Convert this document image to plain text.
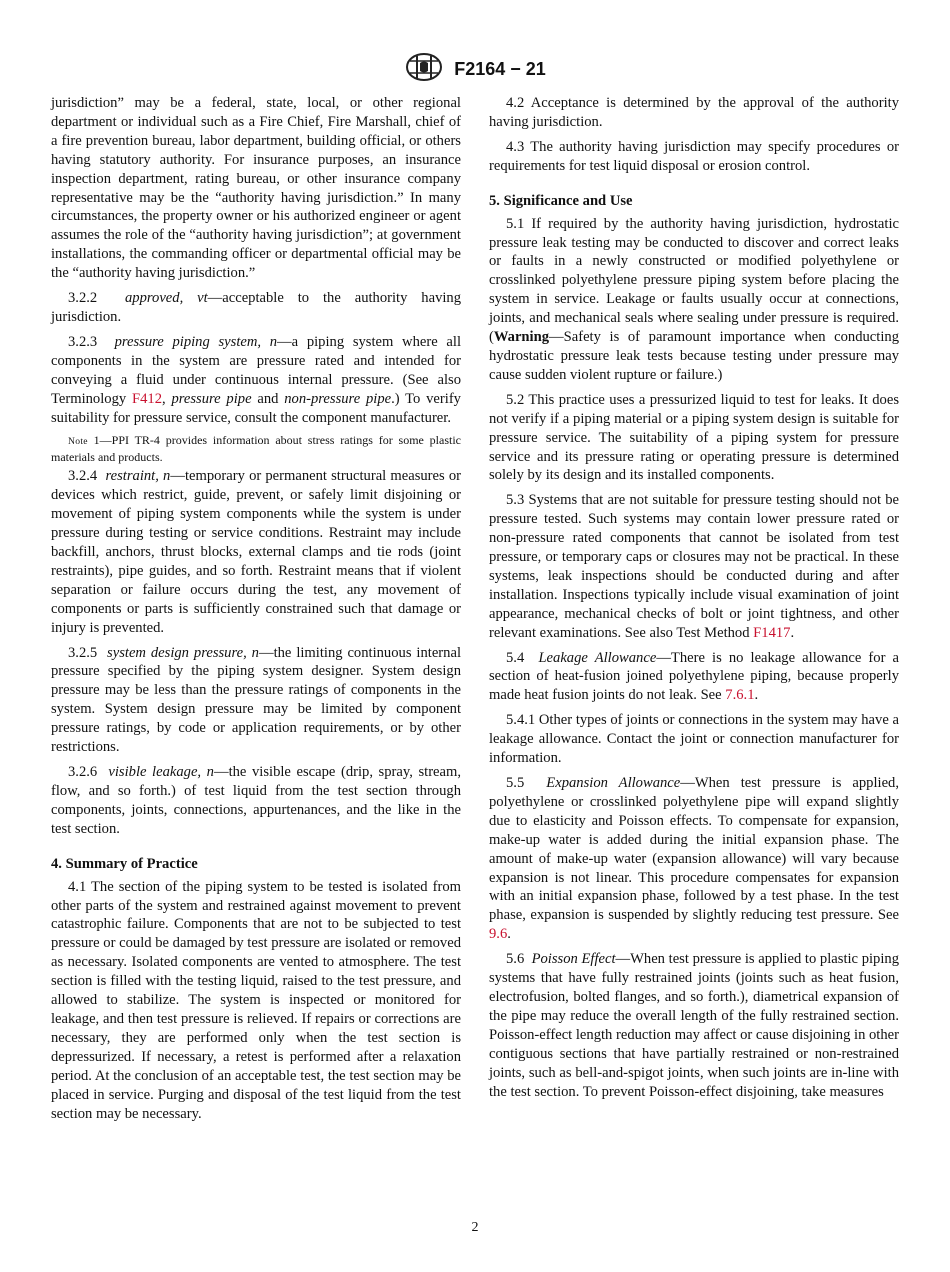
F2164 − 21

jurisdiction” may be a federal, state, local, or other regional department or individual such as a Fire Chief, Fire Marshall, chief of a fire prevention bureau, labor department, building official, or others having statutory authority. For insurance purposes, an insurance inspection department, rating bureau, or other insurance company representative may be the “authority having jurisdiction.” In many circumstances, the property owner or his authorized engineer or agent assumes the role of the “authority having jurisdiction”; at government installations, the commanding officer or departmental official may be the “authority having jurisdiction.”

3.2.2 approved, vt—acceptable to the authority having jurisdiction.

3.2.3 pressure piping system, n—a piping system where all components in the system are pressure rated and intended for conveying a fluid under continuous internal pressure. (See also Terminology F412, pressure pipe and non-pressure pipe.) To verify suitability for pressure service, consult the component manufacturer.

Note 1—PPI TR-4 provides information about stress ratings for some plastic materials and products.

3.2.4 restraint, n—temporary or permanent structural measures or devices which restrict, guide, prevent, or safely limit disjoining or movement of piping system components while the system is under pressure during testing or service conditions. Restraint may include backfill, anchors, thrust blocks, external clamps and tie rods (joint restraints), pipe guides, and so forth. Restraint means that if violent separation or failure occurs during the test, any movement of components or parts is sufficiently constrained such that damage or injury is prevented.

3.2.5 system design pressure, n—the limiting continuous internal pressure specified by the piping system designer. System design pressure may be less than the pressure ratings of components in the system. System design pressure may be limited by component pressure ratings, by code or application requirements, or by other restrictions.

3.2.6 visible leakage, n—the visible escape (drip, spray, stream, flow, and so forth.) of test liquid from the test section through components, joints, connections, appurtenances, and the like in the test section.

4. Summary of Practice

4.1 The section of the piping system to be tested is isolated from other parts of the system and restrained against movement to prevent catastrophic failure. Components that are not to be subjected to test pressure or could be damaged by test pressure are isolated or removed as necessary. Isolated components are vented to atmosphere. The test section is filled with the testing liquid, raised to the test pressure, and allowed to stabilize. The system is inspected or monitored for leakage, and then test pressure is relieved. If repairs or corrections are necessary, they are performed only when the test section is depressurized. If necessary, a retest is performed after a relaxation period. At the conclusion of an acceptable test, the test section may be placed in service. Purging and disposal of the test liquid from the test section may be necessary.

4.2 Acceptance is determined by the approval of the authority having jurisdiction.

4.3 The authority having jurisdiction may specify procedures or requirements for test liquid disposal or erosion control.

5. Significance and Use

5.1 If required by the authority having jurisdiction, hydrostatic pressure leak testing may be conducted to discover and correct leaks or faults in a newly constructed or modified polyethylene or crosslinked polyethylene pressure piping system before placing the system in service. Leakage or faults usually occur at connections, joints, and mechanical seals where sealing under pressure is required. (Warning—Safety is of paramount importance when conducting hydrostatic pressure leak tests because testing under pressure may cause sudden violent rupture or failure.)

5.2 This practice uses a pressurized liquid to test for leaks. It does not verify if a piping material or a piping system design is suitable for pressure service. The suitability of a piping system for pressure service and its pressure rating or operating pressure is determined solely by its design and its installed components.

5.3 Systems that are not suitable for pressure testing should not be pressure tested. Such systems may contain lower pressure rated or non-pressure rated components that cannot be isolated from test pressure, or temporary caps or closures may not be practical. In these systems, leak inspections should be conducted during and after installation. Inspections typically include visual examination of joint appearance, mechanical checks of bolt or joint tightness, and other relevant examinations. See also Test Method F1417.

5.4 Leakage Allowance—There is no leakage allowance for a section of heat-fusion joined polyethylene piping, because properly made heat fusion joints do not leak. See 7.6.1.

5.4.1 Other types of joints or connections in the system may have a leakage allowance. Contact the joint or connection manufacturer for information.

5.5 Expansion Allowance—When test pressure is applied, polyethylene or crosslinked polyethylene pipe will expand slightly due to elasticity and Poisson effects. To compensate for expansion, make-up water is added during the initial expansion phase. The amount of make-up water (expansion allowance) will vary because expansion is not linear. This procedure compensates for expansion with an initial expansion phase, followed by a test phase. In the test phase, expansion is suspended by slightly reducing test pressure. See 9.6.

5.6 Poisson Effect—When test pressure is applied to plastic piping systems that have fully restrained joints (joints such as heat fusion, electrofusion, bolted flanges, and so forth.), diametrical expansion of the pipe may reduce the overall length of the fully restrained section. Poisson-effect length reduction may affect or cause disjoining in other contiguous sections that have partially restrained or non-restrained joints, such as bell-and-spigot joints, when such joints are in-line with the test section. To prevent Poisson-effect disjoining, take measures

2
